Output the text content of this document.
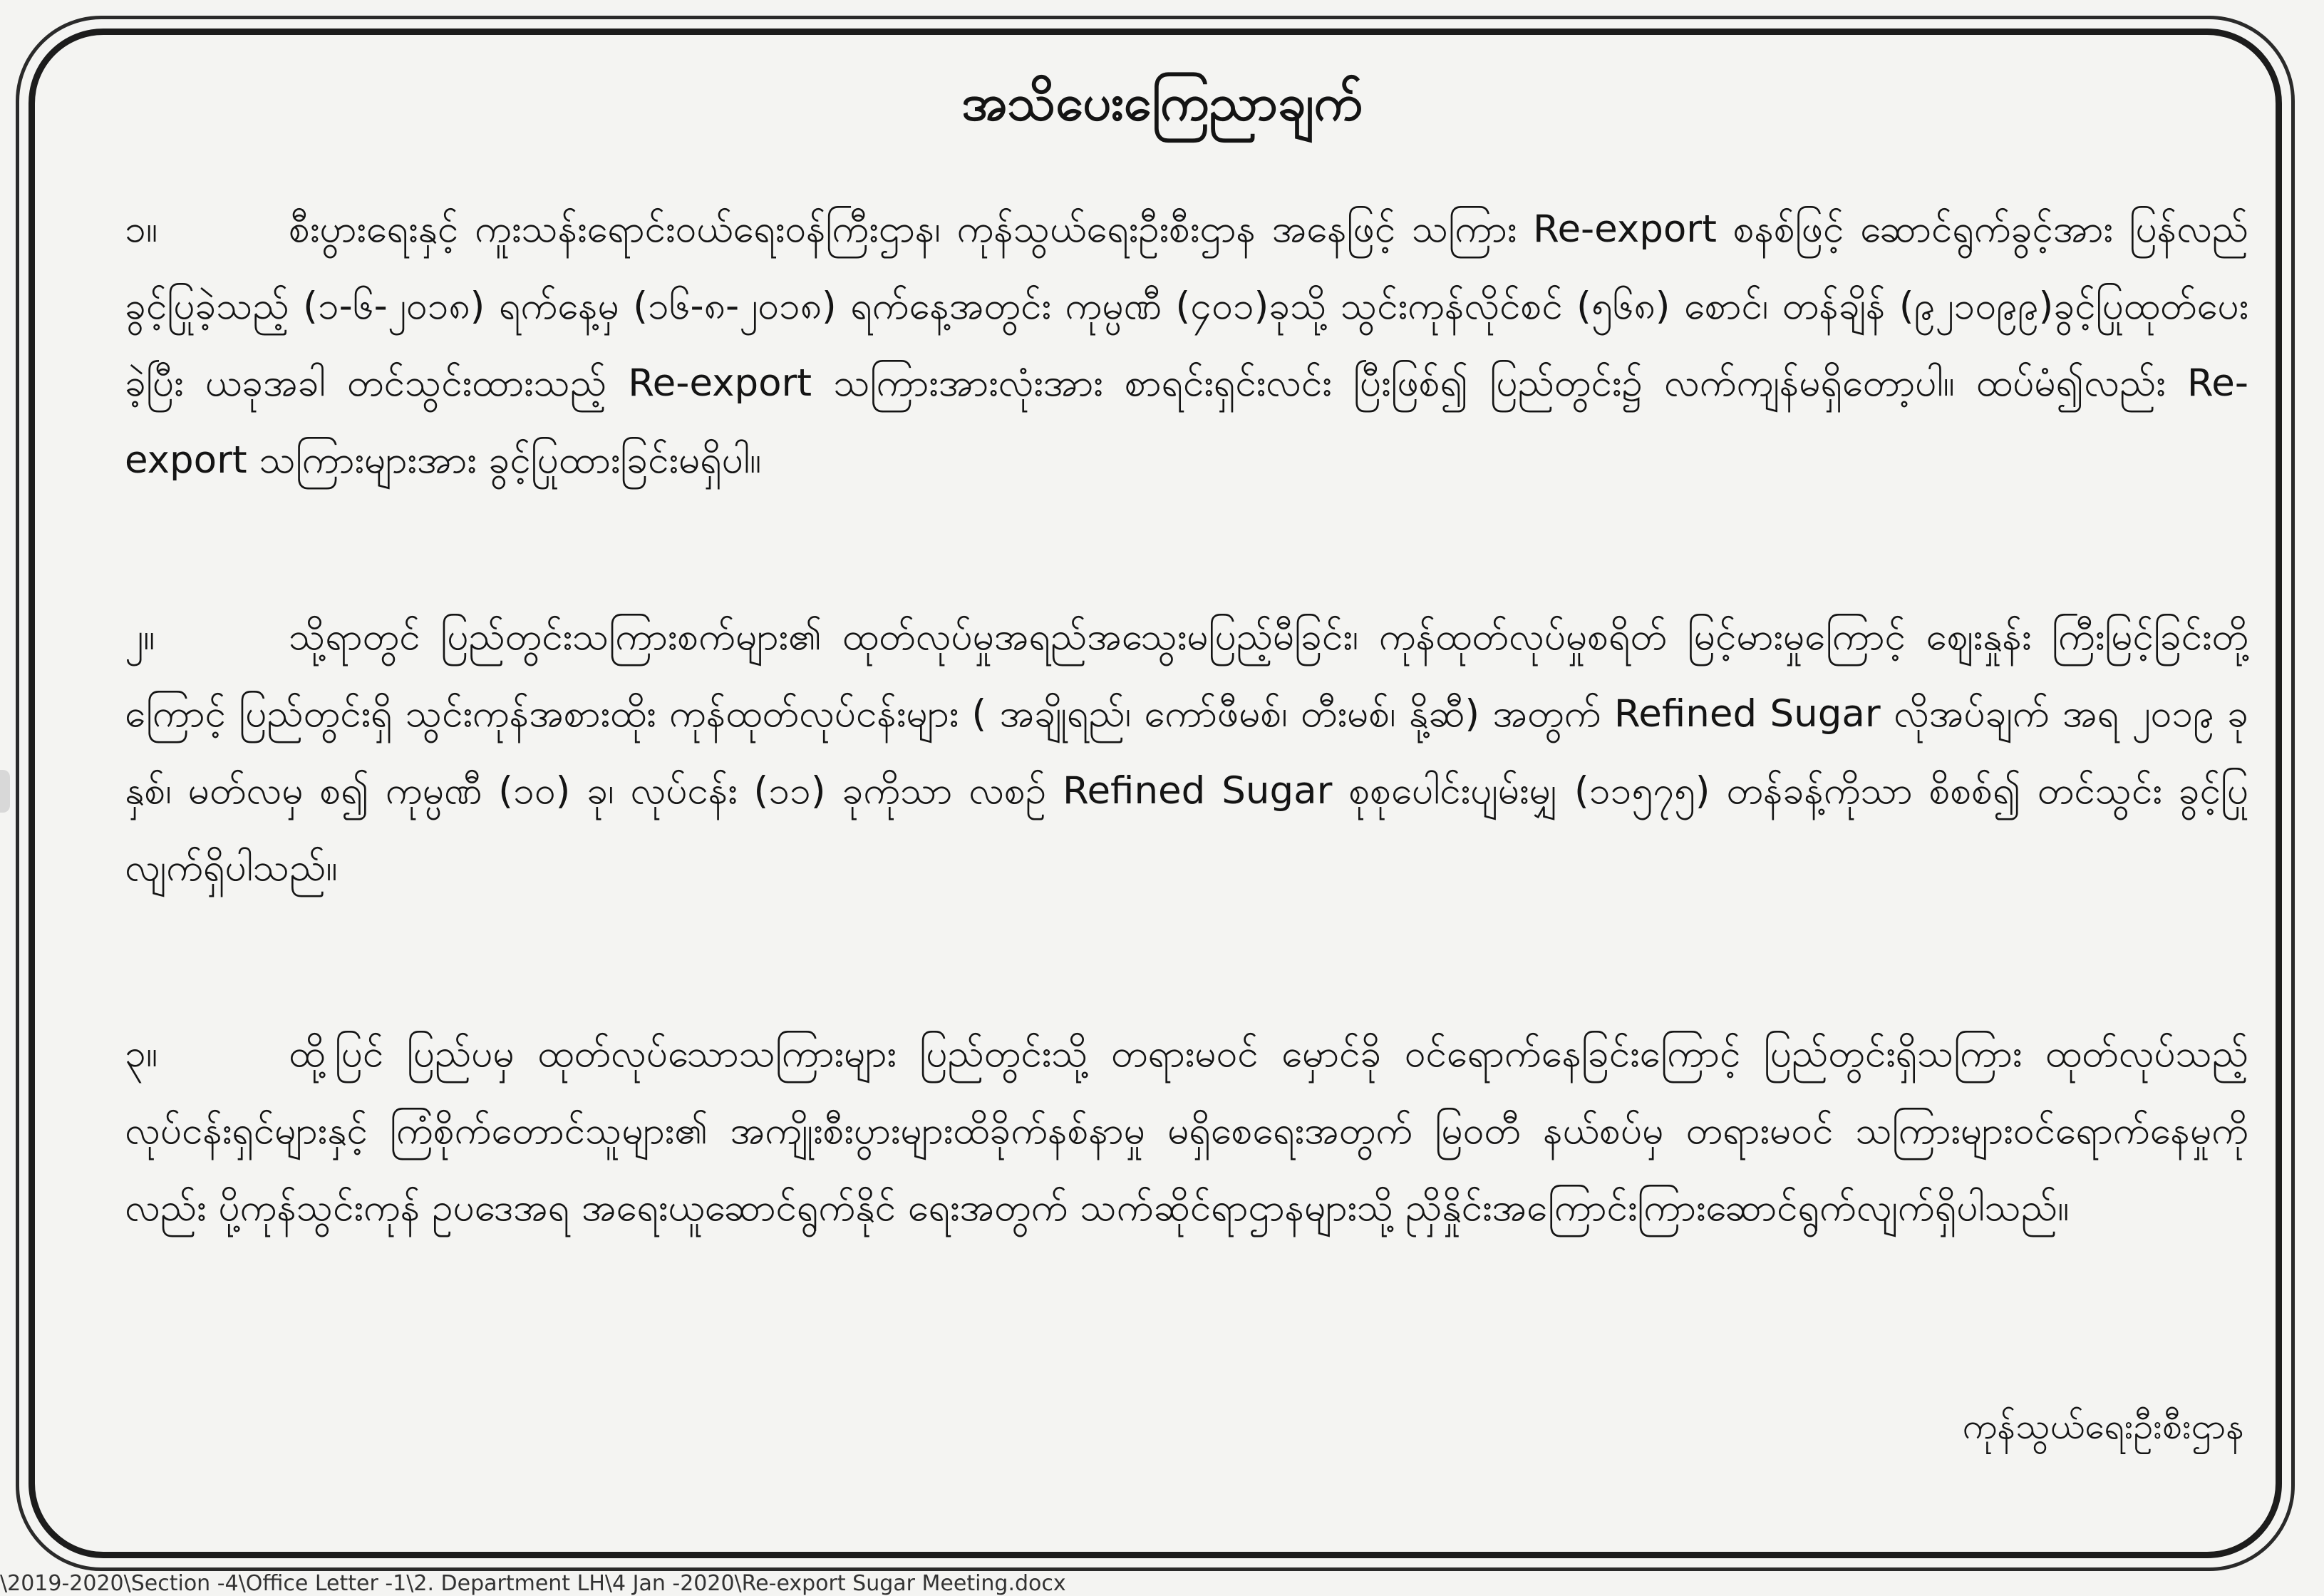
အသိပေးကြေညာချက်

၁။	စီးပွားရေးနှင့် ကူးသန်းရောင်းဝယ်ရေးဝန်ကြီးဌာန၊ ကုန်သွယ်ရေးဦးစီးဌာန အနေဖြင့် သကြား Re-export စနစ်ဖြင့် ဆောင်ရွက်ခွင့်အား ပြန်လည်ခွင့်ပြုခဲ့သည့် (၁-၆-၂၀၁၈) ရက်နေ့မှ (၁၆-၈-၂၀၁၈) ရက်နေ့အတွင်း ကုမ္ပဏီ (၄၀၁)ခုသို့ သွင်းကုန်လိုင်စင် (၅၆၈) စောင်၊ တန်ချိန် (၉၂၁၀၉၉)ခွင့်ပြုထုတ်ပေးခဲ့ပြီး ယခုအခါ တင်သွင်းထားသည့် Re-export သကြားအားလုံးအား စာရင်းရှင်းလင်း ပြီးဖြစ်၍ ပြည်တွင်း၌ လက်ကျန်မရှိတော့ပါ။ ထပ်မံ၍လည်း Re-export သကြားများအား ခွင့်ပြုထားခြင်းမရှိပါ။

၂။	သို့ရာတွင် ပြည်တွင်းသကြားစက်များ၏ ထုတ်လုပ်မှုအရည်အသွေးမပြည့်မီခြင်း၊ ကုန်ထုတ်လုပ်မှုစရိတ် မြင့်မားမှုကြောင့် ဈေးနှုန်း ကြီးမြင့်ခြင်းတို့ကြောင့် ပြည်တွင်းရှိ သွင်းကုန်အစားထိုး ကုန်ထုတ်လုပ်ငန်းများ ( အချိုရည်၊ ကော်ဖီမစ်၊ တီးမစ်၊ နို့ဆီ) အတွက် Refined Sugar လိုအပ်ချက် အရ ၂၀၁၉ ခုနှစ်၊ မတ်လမှ စ၍ ကုမ္ပဏီ (၁၀) ခု၊ လုပ်ငန်း (၁၁) ခုကိုသာ လစဉ် Refined Sugar စုစုပေါင်းပျမ်းမျှ (၁၁၅၇၅) တန်ခန့်ကိုသာ စိစစ်၍ တင်သွင်း ခွင့်ပြုလျက်ရှိပါသည်။

၃။	ထို့ပြင် ပြည်ပမှ ထုတ်လုပ်သောသကြားများ ပြည်တွင်းသို့ တရားမဝင် မှောင်ခို ဝင်ရောက်နေခြင်းကြောင့် ပြည်တွင်းရှိသကြား ထုတ်လုပ်သည့်လုပ်ငန်းရှင်များနှင့် ကြံစိုက်တောင်သူများ၏ အကျိုးစီးပွားများထိခိုက်နစ်နာမှု မရှိစေရေးအတွက် မြဝတီ နယ်စပ်မှ တရားမဝင် သကြားများဝင်ရောက်နေမှုကိုလည်း ပို့ကုန်သွင်းကုန် ဥပဒေအရ အရေးယူဆောင်ရွက်နိုင် ရေးအတွက် သက်ဆိုင်ရာဌာနများသို့ ညှိနှိုင်းအကြောင်းကြားဆောင်ရွက်လျက်ရှိပါသည်။

ကုန်သွယ်ရေးဦးစီးဌာန
\2019-2020\Section -4\Office Letter -1\2. Department LH\4 Jan -2020\Re-export Sugar Meeting.docx
